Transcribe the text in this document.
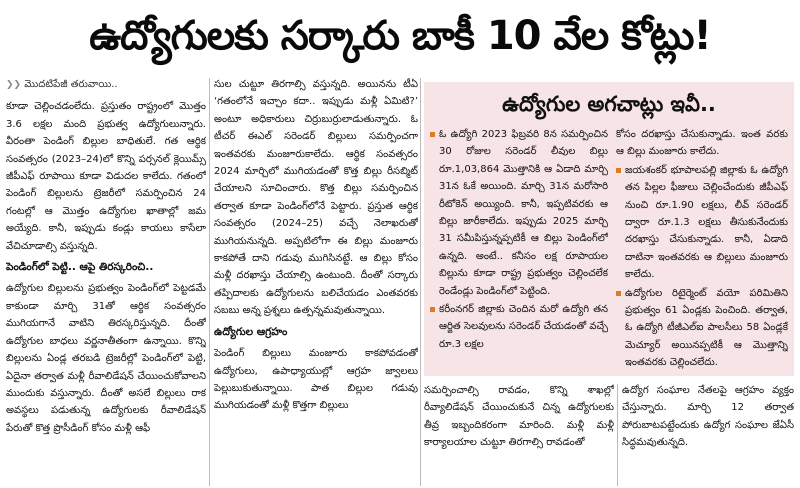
ఉద్యోగులకు సర్కారు బాకీ 10 వేల కోట్లు!
❯❯ మొదటిపేజీ తరువాయి..

కూడా చెల్లించడంలేదు. ప్రస్తుతం రాష్ట్రంలో మొత్తం 3.6 లక్షల మంది ప్రభుత్వ ఉద్యోగులున్నారు. వీరంతా పెండింగ్ బిల్లుల బాధితులే. గత ఆర్థిక సంవత్సరం (2023–24)లో కొన్ని పర్సనల్ క్లెయిమ్స్ జీపీఎఫ్ రూపాయి కూడా విడుదల కాలేదు. గతంలో పెండింగ్ బిల్లులను ట్రెజరీలో సమర్పించిన 24 గంటల్లో ఆ మొత్తం ఉద్యోగుల ఖాతాల్లో జమ అయ్యేది. కానీ, ఇప్పుడు కండ్లు కాయలు కాసేలా వేచిచూడాల్సి వస్తున్నది.

పెండింగ్‌లో పెట్టి.. ఆపై తిరస్కరించి..

ఉద్యోగుల బిల్లులను ప్రభుత్వం పెండింగ్‌లో పెట్టడమే కాకుండా మార్చి 31తో ఆర్థిక సంవత్సరం ముగియగానే వాటిని తిరస్కరిస్తున్నది. దీంతో ఉద్యోగుల బాధలు వర్ణనాతీతంగా ఉన్నాయి. కొన్ని బిల్లులను ఏండ్ల తరబడి ట్రెజరీల్లో పెండింగ్‌లో పెట్టి, ఏదైనా తర్వాత మళ్లీ రీవాలిడేషన్ చేయించుకోవాలని ముందుకు వస్తున్నారు. దీంతో అసలే బిల్లులు రాక అవస్థలు పడుతున్న ఉద్యోగులకు రీవాలిడేషన్ పేరుతో కొత్త ప్రొసీడింగ్ కోసం మళ్లీ ఆఫీ

సుల చుట్టూ తిరగాల్సి వస్తున్నది. అయినను టీఏ ‘గతంలోనే ఇచ్చాం కదా.. ఇప్పుడు మళ్లీ ఏమిటి?’ అంటూ అధికారులు చిర్రుబుర్రులాడుతున్నారు. ఓ టీచర్ ఈఎల్ సరెండర్ బిల్లులు సమర్పించగా ఇంతవరకు మంజూరుకాలేదు. ఆర్థిక సంవత్సరం 2024 మార్చిలో ముగియడంతో కొత్త బిల్లు రీసబ్మిట్ చేయాలని సూచించారు. కొత్త బిల్లు సమర్పించిన తర్వాత కూడా పెండింగ్‌లోనే పెట్టారు. ప్రస్తుత ఆర్థిక సంవత్సరం (2024–25) వచ్చే నెలాఖరుతో ముగియనున్నది. అప్పటిలోగా ఈ బిల్లు మంజూరు కాకపోతే దాని గడువు ముగిసినట్టే. ఆ బిల్లు కోసం మళ్లీ దరఖాస్తు చేయాల్సి ఉంటుంది. దీంతో సర్కారు తప్పిదాలకు ఉద్యోగులను బలిచేయడం ఎంతవరకు సబబు అన్న ప్రశ్నలు ఉత్పన్నమవుతున్నాయి.

ఉద్యోగుల ఆగ్రహం

పెండింగ్ బిల్లులు మంజూరు కాకపోవడంతో ఉద్యోగులు, ఉపాధ్యాయుల్లో ఆగ్రహ జ్వాలలు పెల్లుబుకుతున్నాయి. పాత బిల్లుల గడువు ముగియడంతో మళ్లీ కొత్తగా బిల్లులు

ఉద్యోగుల అగచాట్లు ఇవీ..

ఓ ఉద్యోగి 2023 ఫిబ్రవరి 8న సమర్పించిన 30 రోజుల సరెండర్ లీవుల బిల్లు రూ.1,03,864 మొత్తానికి ఆ ఏడాది మార్చి 31న ఓకే అయింది. మార్చి 31న మరోసారి రీటోకెన్ అయ్యింది. కానీ, ఇప్పటివరకు ఆ బిల్లు జారీకాలేదు. ఇప్పుడు 2025 మార్చి 31 సమీపిస్తున్నప్పటికీ ఆ బిల్లు పెండింగ్‌లో ఉన్నది. అంటే.. కనీసం లక్ష రూపాయల బిల్లును కూడా రాష్ట్ర ప్రభుత్వం చెల్లించలేక రెండేండ్లు పెండింగ్‌లో పెట్టింది.

కరీంనగర్ జిల్లాకు చెందిన మరో ఉద్యోగి తన ఆర్జిత సెలవులను సరెండర్ చేయడంతో వచ్చే రూ.3 లక్షల

కోసం దరఖాస్తు చేసుకున్నాడు. ఇంత వరకు ఆ బిల్లు మంజూరు కాలేదు.

జయశంకర్ భూపాలపల్లి జిల్లాకు ఓ ఉద్యోగి తన పిల్లల ఫీజులు చెల్లించేందుకు జీపీఎఫ్ నుంచి రూ.1.90 లక్షలు, లీవ్ సరెండర్ ద్వారా రూ.1.3 లక్షలు తీసుకునేందుకు దరఖాస్తు చేసుకున్నాడు. కానీ, ఏడాది దాటినా ఇంతవరకు ఆ బిల్లులు మంజూరు కాలేదు.

ఉద్యోగుల రిటైర్మెంట్ వయో పరిమితిని ప్రభుత్వం 61 ఏండ్లకు పెంచింది. తర్వాత, ఓ ఉద్యోగి టీజీఎల్ఐ పాలసీలు 58 ఏండ్లకే మెచ్యూర్ అయినప్పటికీ ఆ మొత్తాన్ని ఇంతవరకు చెల్లించలేదు.

సమర్పించాల్సి రావడం, కొన్ని శాఖల్లో రీవ్యాలిడేషన్ చేయించుకునే చిన్న ఉద్యోగులకు తీవ్ర ఇబ్బందికరంగా మారింది. మళ్లీ మళ్లీ కార్యాలయాల చుట్టూ తిరగాల్సి రావడంతో
ఉద్యోగ సంఘాల నేతలపై ఆగ్రహం వ్యక్తం చేస్తున్నారు. మార్చి 12 తర్వాత పోరుబాటపట్టేందుకు ఉద్యోగ సంఘాల జేఏసీ సిద్ధమవుతున్నది.
